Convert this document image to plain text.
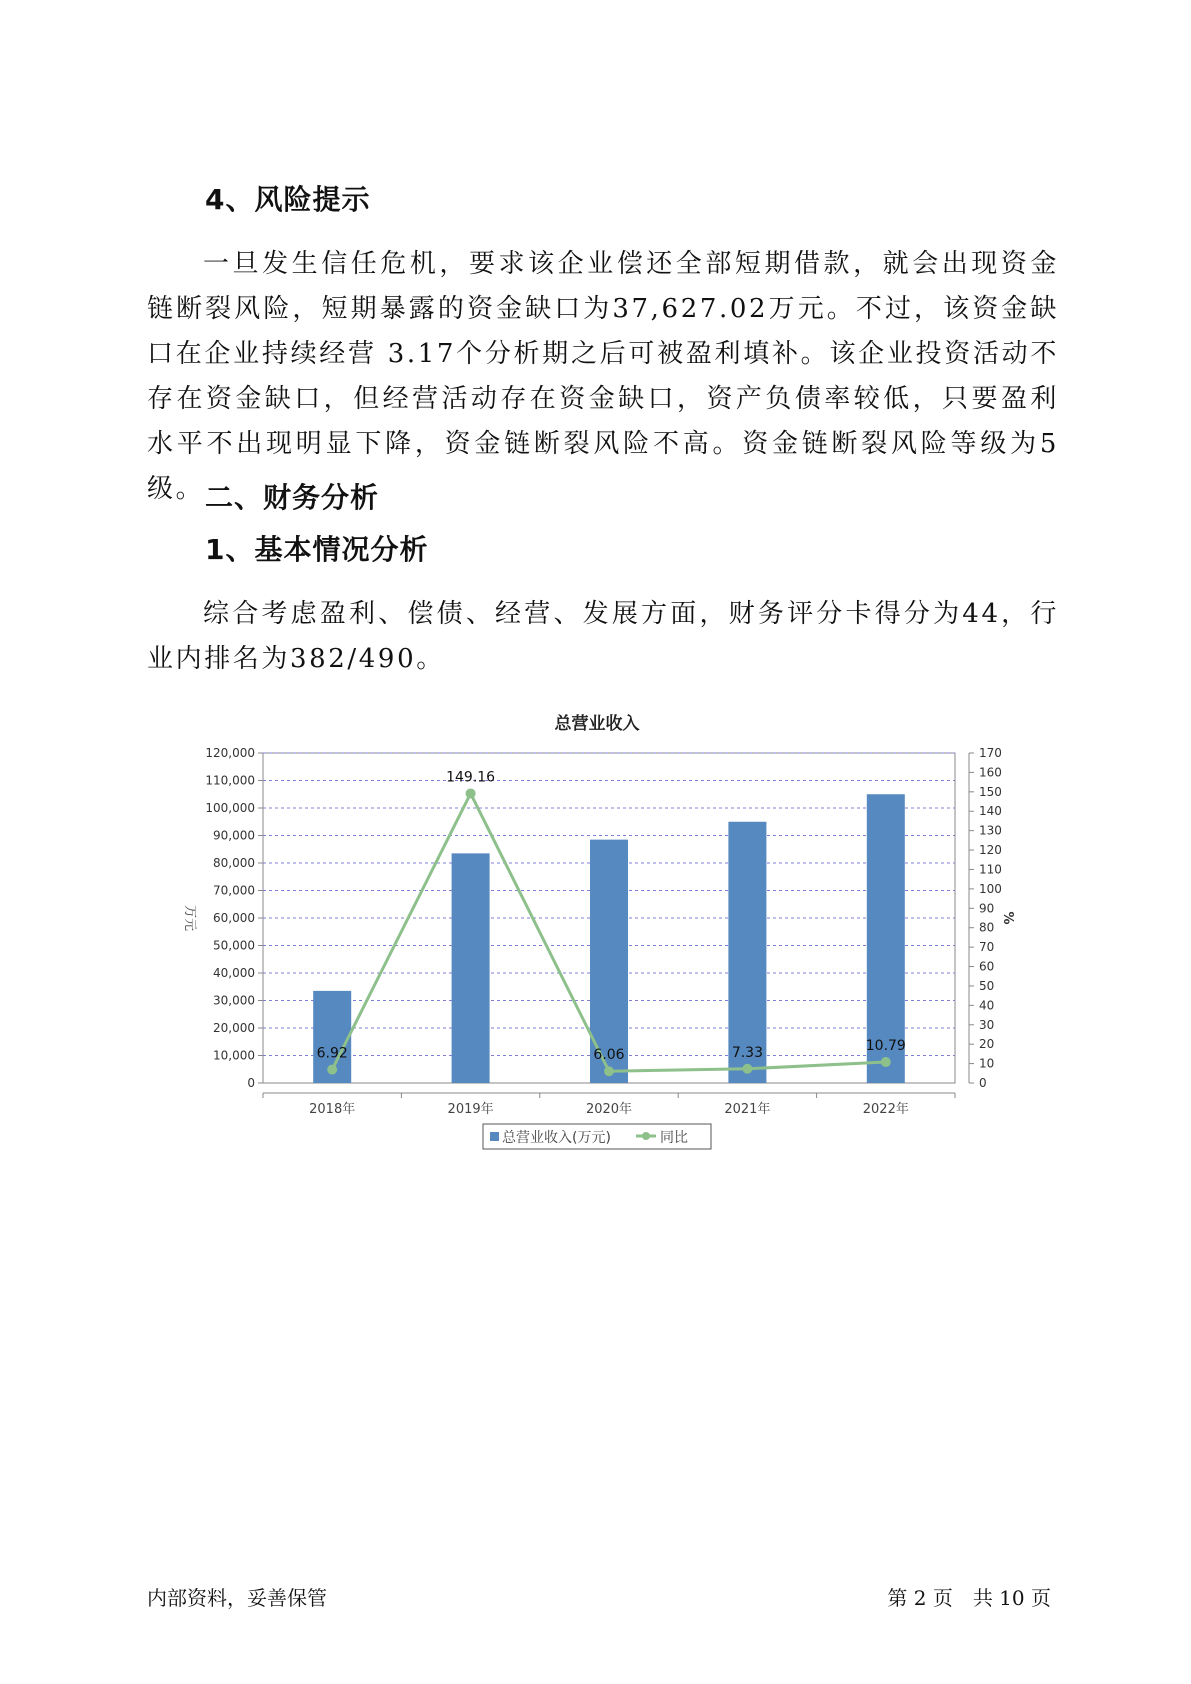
4、风险提示

一旦发生信任危机，要求该企业偿还全部短期借款，就会出现资金链断裂风险，短期暴露的资金缺口为37,627.02万元。不过，该资金缺口在企业持续经营 3.17个分析期之后可被盈利填补。该企业投资活动不存在资金缺口，但经营活动存在资金缺口，资产负债率较低，只要盈利水平不出现明显下降，资金链断裂风险不高。资金链断裂风险等级为5级。 二、财务分析
1、基本情况分析

综合考虑盈利、偿债、经营、发展方面，财务评分卡得分为44，行业内排名为382/490。

总营业收入
0
10,000
20,000
30,000
40,000
50,000
60,000
70,000
80,000
90,000
100,000
110,000
120,000
0
10
20
30
40
50
60
70
80
90
100
110
120
130
140
150
160
170
6.92
149.16
6.06	7.33	10.79
2018年	2019年	2020年	2021年	2022年
万元	%
总营业收入(万元)	同比
内部资料，妥善保管	第 2 页　共 10 页
